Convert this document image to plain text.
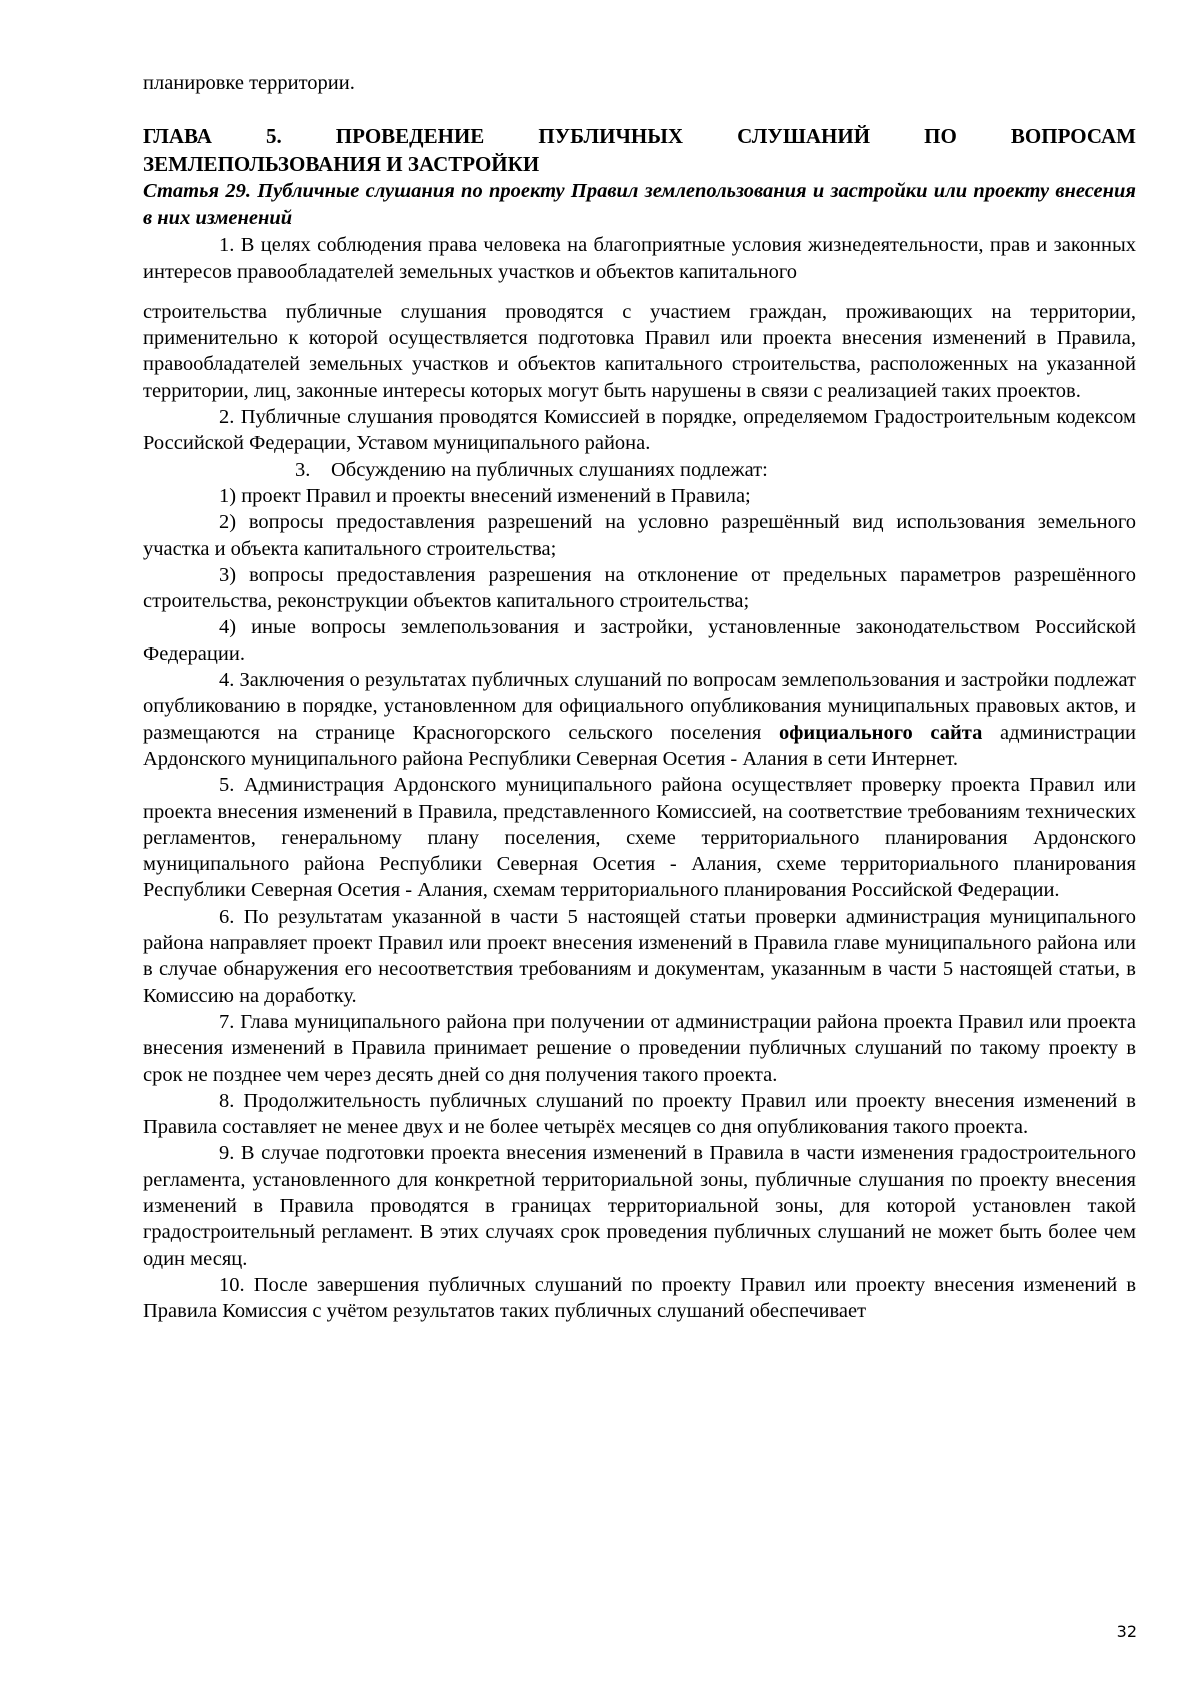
планировке территории.

ГЛАВА 5. ПРОВЕДЕНИЕ ПУБЛИЧНЫХ СЛУШАНИЙ ПО ВОПРОСАМ
ЗЕМЛЕПОЛЬЗОВАНИЯ И ЗАСТРОЙКИ

Статья 29. Публичные слушания по проекту Правил землепользования и застройки или проекту внесения в них изменений

1. В целях соблюдения права человека на благоприятные условия жизнедеятельности, прав и законных интересов правообладателей земельных участков и объектов капитального

строительства публичные слушания проводятся с участием граждан, проживающих на территории, применительно к которой осуществляется подготовка Правил или проекта внесения изменений в Правила, правообладателей земельных участков и объектов капитального строительства, расположенных на указанной территории, лиц, законные интересы которых могут быть нарушены в связи с реализацией таких проектов.

2. Публичные слушания проводятся Комиссией в порядке, определяемом Градостроительным кодексом Российской Федерации, Уставом муниципального района.

3. Обсуждению на публичных слушаниях подлежат:

1) проект Правил и проекты внесений изменений в Правила;

2) вопросы предоставления разрешений на условно разрешённый вид использования земельного участка и объекта капитального строительства;

3) вопросы предоставления разрешения на отклонение от предельных параметров разрешённого строительства, реконструкции объектов капитального строительства;

4) иные вопросы землепользования и застройки, установленные законодательством Российской Федерации.

4. Заключения о результатах публичных слушаний по вопросам землепользования и застройки подлежат опубликованию в порядке, установленном для официального опубликования муниципальных правовых актов, и размещаются на странице Красногорского сельского поселения официального сайта администрации Ардонского муниципального района Республики Северная Осетия - Алания в сети Интернет.

5. Администрация Ардонского муниципального района осуществляет проверку проекта Правил или проекта внесения изменений в Правила, представленного Комиссией, на соответствие требованиям технических регламентов, генеральному плану поселения, схеме территориального планирования Ардонского муниципального района Республики Северная Осетия - Алания, схеме территориального планирования Республики Северная Осетия - Алания, схемам территориального планирования Российской Федерации.

6. По результатам указанной в части 5 настоящей статьи проверки администрация муниципального района направляет проект Правил или проект внесения изменений в Правила главе муниципального района или в случае обнаружения его несоответствия требованиям и документам, указанным в части 5 настоящей статьи, в Комиссию на доработку.

7. Глава муниципального района при получении от администрации района проекта Правил или проекта внесения изменений в Правила принимает решение о проведении публичных слушаний по такому проекту в срок не позднее чем через десять дней со дня получения такого проекта.

8. Продолжительность публичных слушаний по проекту Правил или проекту внесения изменений в Правила составляет не менее двух и не более четырёх месяцев со дня опубликования такого проекта.

9. В случае подготовки проекта внесения изменений в Правила в части изменения градостроительного регламента, установленного для конкретной территориальной зоны, публичные слушания по проекту внесения изменений в Правила проводятся в границах территориальной зоны, для которой установлен такой градостроительный регламент. В этих случаях срок проведения публичных слушаний не может быть более чем один месяц.

10. После завершения публичных слушаний по проекту Правил или проекту внесения изменений в Правила Комиссия с учётом результатов таких публичных слушаний обеспечивает

32
